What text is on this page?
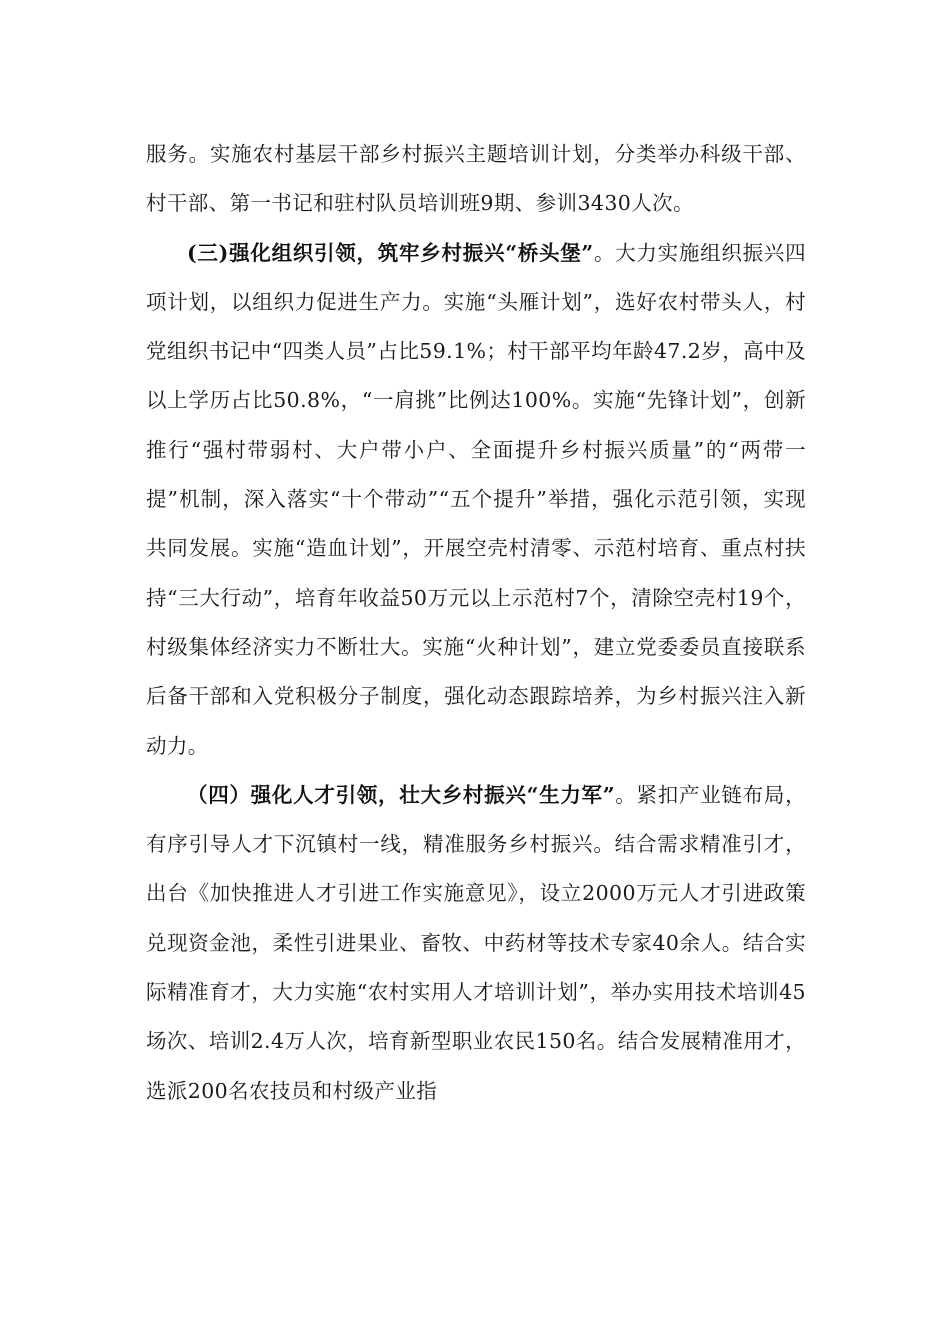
服务。实施农村基层干部乡村振兴主题培训计划，分类举办科级干部、村干部、第一书记和驻村队员培训班9期、参训3430人次。

(三)强化组织引领，筑牢乡村振兴“桥头堡”。大力实施组织振兴四项计划，以组织力促进生产力。实施“头雁计划”，选好农村带头人，村党组织书记中“四类人员”占比59.1%；村干部平均年龄47.2岁，高中及以上学历占比50.8%，“一肩挑”比例达100%。实施“先锋计划”，创新推行“强村带弱村、大户带小户、全面提升乡村振兴质量”的“两带一提”机制，深入落实“十个带动”“五个提升”举措，强化示范引领，实现共同发展。实施“造血计划”，开展空壳村清零、示范村培育、重点村扶持“三大行动”，培育年收益50万元以上示范村7个，清除空壳村19个，村级集体经济实力不断壮大。实施“火种计划”，建立党委委员直接联系后备干部和入党积极分子制度，强化动态跟踪培养，为乡村振兴注入新动力。

（四）强化人才引领，壮大乡村振兴“生力军”。紧扣产业链布局，有序引导人才下沉镇村一线，精准服务乡村振兴。结合需求精准引才，出台《加快推进人才引进工作实施意见》，设立2000万元人才引进政策兑现资金池，柔性引进果业、畜牧、中药材等技术专家40余人。结合实际精准育才，大力实施“农村实用人才培训计划”，举办实用技术培训45场次、培训2.4万人次，培育新型职业农民150名。结合发展精准用才，选派200名农技员和村级产业指
